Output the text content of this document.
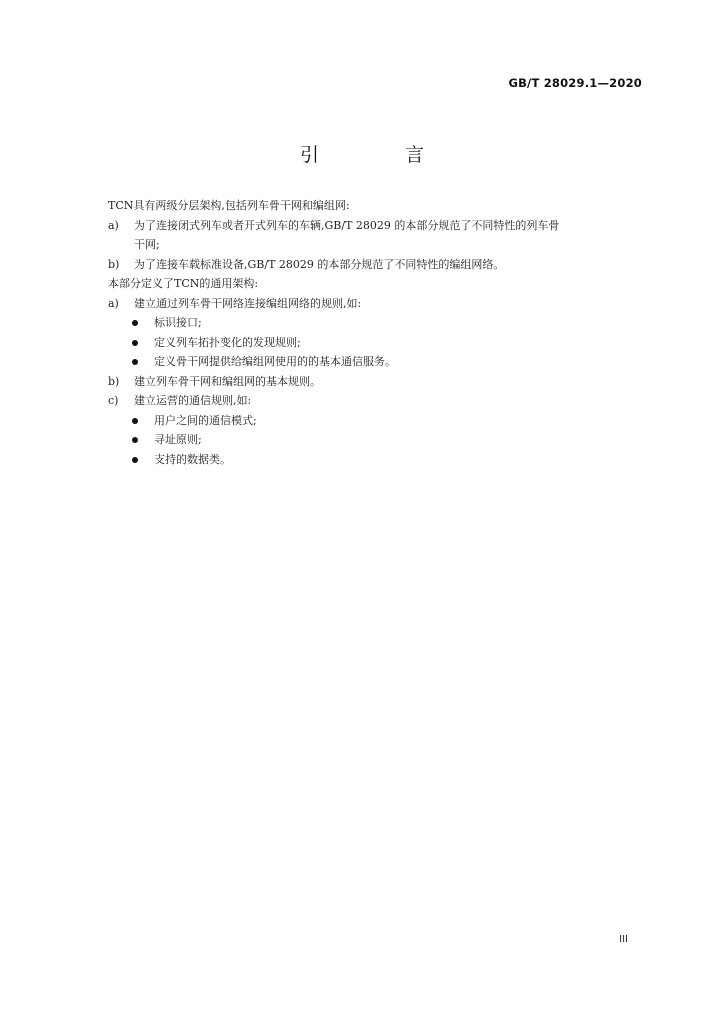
GB/T 28029.1—2020
引 言
TCN具有两级分层架构,包括列车骨干网和编组网:
a) 为了连接闭式列车或者开式列车的车辆,GB/T 28029 的本部分规范了不同特性的列车骨
干网;
b) 为了连接车载标准设备,GB/T 28029 的本部分规范了不同特性的编组网络。
本部分定义了TCN的通用架构:
a) 建立通过列车骨干网络连接编组网络的规则,如:
标识接口;
定义列车拓扑变化的发现规则;
定义骨干网提供给编组网使用的的基本通信服务。
b) 建立列车骨干网和编组网的基本规则。
c) 建立运营的通信规则,如:
用户之间的通信模式;
寻址原则;
支持的数据类。
III
